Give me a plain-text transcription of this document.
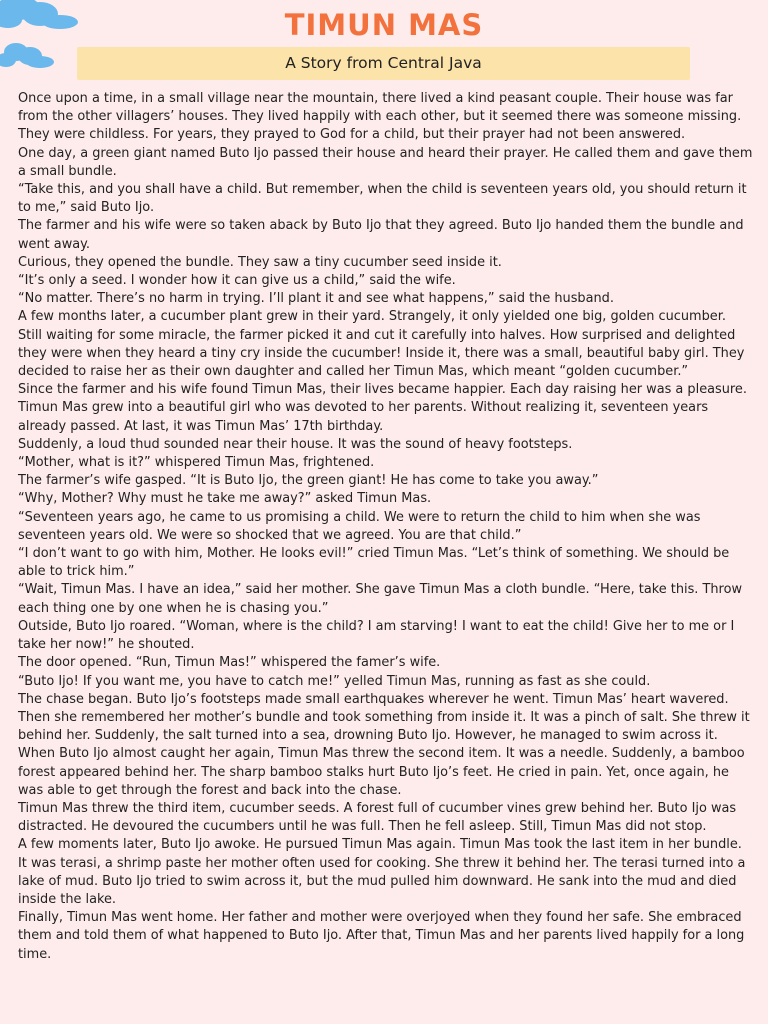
TIMUN MAS
A Story from Central Java

Once upon a time, in a small village near the mountain, there lived a kind peasant couple. Their house was far from the other villagers’ houses. They lived happily with each other, but it seemed there was someone missing. They were childless. For years, they prayed to God for a child, but their prayer had not been answered.

One day, a green giant named Buto Ijo passed their house and heard their prayer. He called them and gave them a small bundle.

“Take this, and you shall have a child. But remember, when the child is seventeen years old, you should return it to me,” said Buto Ijo.

The farmer and his wife were so taken aback by Buto Ijo that they agreed. Buto Ijo handed them the bundle and went away.

Curious, they opened the bundle. They saw a tiny cucumber seed inside it.

“It’s only a seed. I wonder how it can give us a child,” said the wife.

“No matter. There’s no harm in trying. I’ll plant it and see what happens,” said the husband.

A few months later, a cucumber plant grew in their yard. Strangely, it only yielded one big, golden cucumber.

Still waiting for some miracle, the farmer picked it and cut it carefully into halves. How surprised and delighted they were when they heard a tiny cry inside the cucumber! Inside it, there was a small, beautiful baby girl. They decided to raise her as their own daughter and called her Timun Mas, which meant “golden cucumber.”

Since the farmer and his wife found Timun Mas, their lives became happier. Each day raising her was a pleasure. Timun Mas grew into a beautiful girl who was devoted to her parents. Without realizing it, seventeen years already passed. At last, it was Timun Mas’ 17th birthday.

Suddenly, a loud thud sounded near their house. It was the sound of heavy footsteps.

“Mother, what is it?” whispered Timun Mas, frightened.

The farmer’s wife gasped. “It is Buto Ijo, the green giant! He has come to take you away.”

“Why, Mother? Why must he take me away?” asked Timun Mas.

“Seventeen years ago, he came to us promising a child. We were to return the child to him when she was seventeen years old. We were so shocked that we agreed. You are that child.”

“I don’t want to go with him, Mother. He looks evil!” cried Timun Mas. “Let’s think of something. We should be able to trick him.”

“Wait, Timun Mas. I have an idea,” said her mother. She gave Timun Mas a cloth bundle. “Here, take this. Throw each thing one by one when he is chasing you.”

Outside, Buto Ijo roared. “Woman, where is the child? I am starving! I want to eat the child! Give her to me or I take her now!” he shouted.

The door opened. “Run, Timun Mas!” whispered the famer’s wife.

“Buto Ijo! If you want me, you have to catch me!” yelled Timun Mas, running as fast as she could.

The chase began. Buto Ijo’s footsteps made small earthquakes wherever he went. Timun Mas’ heart wavered. Then she remembered her mother’s bundle and took something from inside it. It was a pinch of salt. She threw it behind her. Suddenly, the salt turned into a sea, drowning Buto Ijo. However, he managed to swim across it.

When Buto Ijo almost caught her again, Timun Mas threw the second item. It was a needle. Suddenly, a bamboo forest appeared behind her. The sharp bamboo stalks hurt Buto Ijo’s feet. He cried in pain. Yet, once again, he was able to get through the forest and back into the chase.

Timun Mas threw the third item, cucumber seeds. A forest full of cucumber vines grew behind her. Buto Ijo was distracted. He devoured the cucumbers until he was full. Then he fell asleep. Still, Timun Mas did not stop.

A few moments later, Buto Ijo awoke. He pursued Timun Mas again. Timun Mas took the last item in her bundle. It was terasi, a shrimp paste her mother often used for cooking. She threw it behind her. The terasi turned into a lake of mud. Buto Ijo tried to swim across it, but the mud pulled him downward. He sank into the mud and died inside the lake.

Finally, Timun Mas went home. Her father and mother were overjoyed when they found her safe. She embraced them and told them of what happened to Buto Ijo. After that, Timun Mas and her parents lived happily for a long time.
